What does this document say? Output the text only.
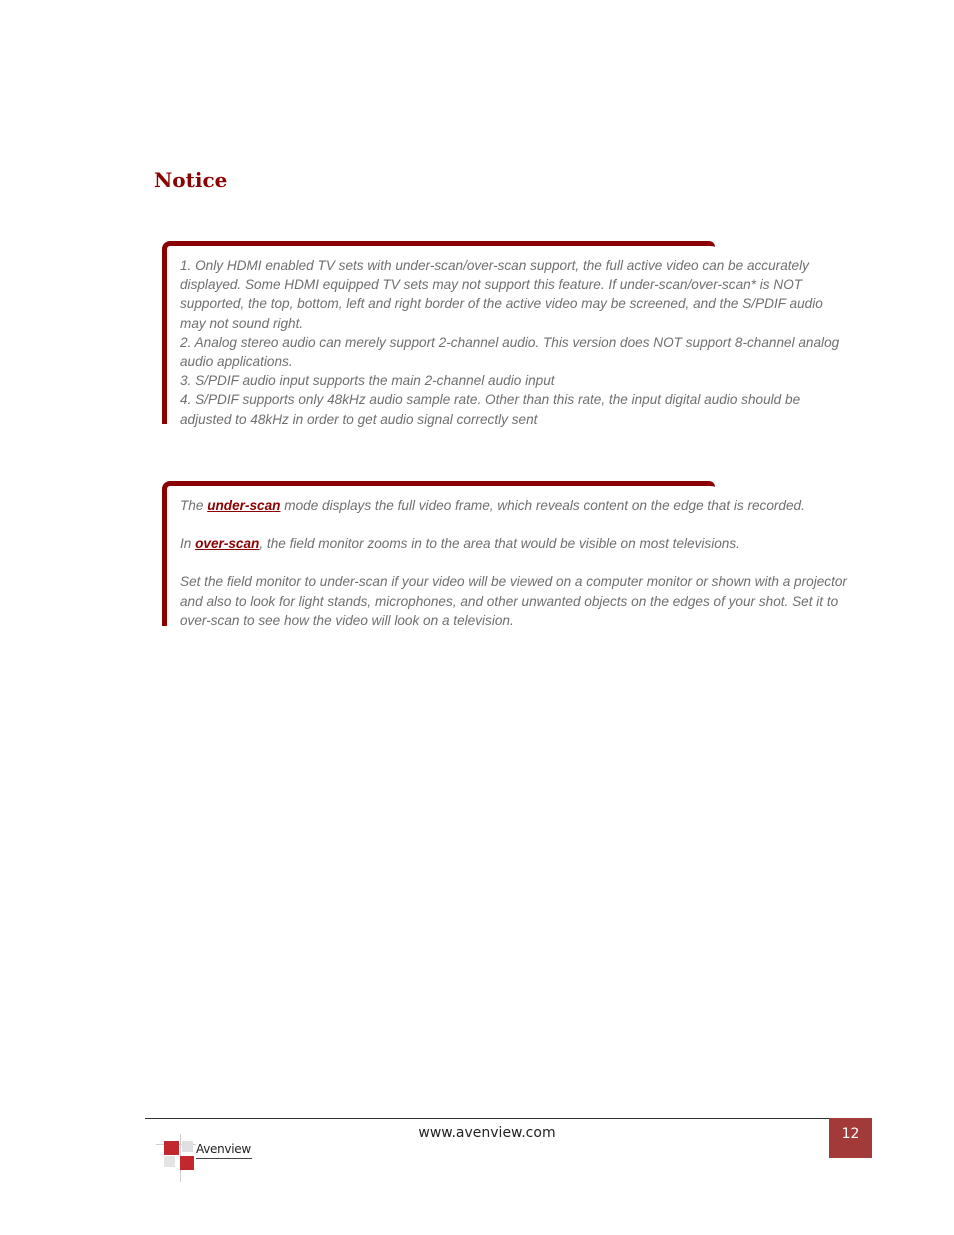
Notice

1. Only HDMI enabled TV sets with under-scan/over-scan support, the full active video can be accurately displayed. Some HDMI equipped TV sets may not support this feature. If under-scan/over-scan* is NOT supported, the top, bottom, left and right border of the active video may be screened, and the S/PDIF audio may not sound right.

2. Analog stereo audio can merely support 2-channel audio. This version does NOT support 8-channel analog audio applications.

3. S/PDIF audio input supports the main 2-channel audio input

4. S/PDIF supports only 48kHz audio sample rate. Other than this rate, the input digital audio should be adjusted to 48kHz in order to get audio signal correctly sent

The under-scan mode displays the full video frame, which reveals content on the edge that is recorded.

In over-scan, the field monitor zooms in to the area that would be visible on most televisions.

Set the field monitor to under-scan if your video will be viewed on a computer monitor or shown with a projector and also to look for light stands, microphones, and other unwanted objects on the edges of your shot. Set it to over-scan to see how the video will look on a television.

www.avenview.com	12
Avenview
